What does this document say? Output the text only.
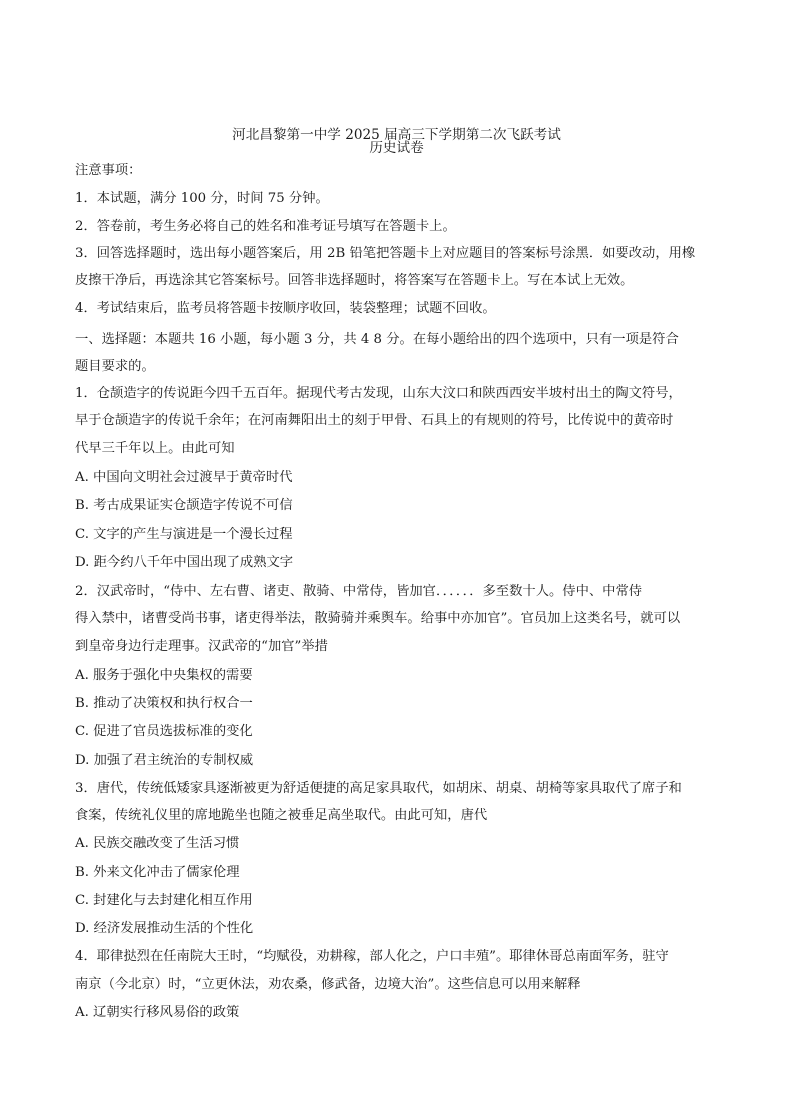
河北昌黎第一中学 2025 届高三下学期第二次飞跃考试
历史试卷
注意事项：
1．本试题，满分 100 分，时间 75 分钟。
2．答卷前，考生务必将自己的姓名和准考证号填写在答题卡上。
3．回答选择题时，选出每小题答案后，用 2B 铅笔把答题卡上对应题目的答案标号涂黑．如要改动，用橡
皮擦干净后，再选涂其它答案标号。回答非选择题时，将答案写在答题卡上。写在本试上无效。
4．考试结束后，监考员将答题卡按顺序收回，装袋整理；试题不回收。
一、选择题：本题共 16 小题，每小题 3 分，共 4 8 分。在每小题给出的四个选项中，只有一项是符合
题目要求的。
1．仓颉造字的传说距今四千五百年。据现代考古发现，山东大汶口和陕西西安半坡村出土的陶文符号，
早于仓颉造字的传说千余年；在河南舞阳出土的刻于甲骨、石具上的有规则的符号，比传说中的黄帝时
代早三千年以上。由此可知
A. 中国向文明社会过渡早于黄帝时代
B. 考古成果证实仓颉造字传说不可信
C. 文字的产生与演进是一个漫长过程
D. 距今约八千年中国出现了成熟文字
2．汉武帝时，“侍中、左右曹、诸吏、散骑、中常侍，皆加官．．．．．．多至数十人。侍中、中常侍
得入禁中，诸曹受尚书事，诸吏得举法，散骑骑并乘舆车。给事中亦加官”。官员加上这类名号，就可以
到皇帝身边行走理事。汉武帝的“加官”举措
A. 服务于强化中央集权的需要
B. 推动了决策权和执行权合一
C. 促进了官员选拔标准的变化
D. 加强了君主统治的专制权威
3．唐代，传统低矮家具逐渐被更为舒适便捷的高足家具取代，如胡床、胡桌、胡椅等家具取代了席子和
食案，传统礼仪里的席地跪坐也随之被垂足高坐取代。由此可知，唐代
A. 民族交融改变了生活习惯
B. 外来文化冲击了儒家伦理
C. 封建化与去封建化相互作用
D. 经济发展推动生活的个性化
4．耶律挞烈在任南院大王时，“均赋役，劝耕稼，部人化之，户口丰殖”。耶律休哥总南面军务，驻守
南京（今北京）时，“立更休法，劝农桑，修武备，边境大治”。这些信息可以用来解释
A. 辽朝实行移风易俗的政策
